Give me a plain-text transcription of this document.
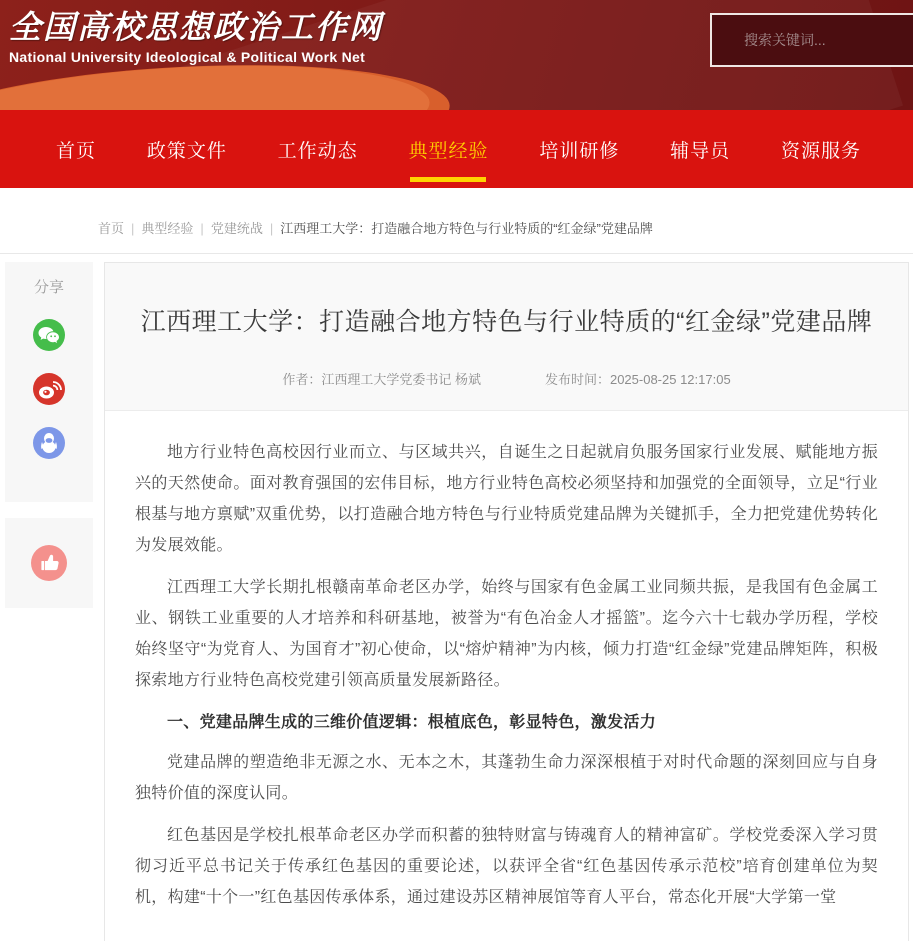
全国高校思想政治工作网
National University Ideological & Political Work Net
搜索关键词...
首页	政策文件	工作动态	典型经验	培训研修	辅导员	资源服务
首页 | 典型经验 | 党建统战 | 江西理工大学：打造融合地方特色与行业特质的“红金绿”党建品牌
分享
江西理工大学：打造融合地方特色与行业特质的“红金绿”党建品牌
作者：江西理工大学党委书记 杨斌	发布时间：2025-08-25 12:17:05

地方行业特色高校因行业而立、与区域共兴，自诞生之日起就肩负服务国家行业发展、赋能地方振兴的天然使命。面对教育强国的宏伟目标，地方行业特色高校必须坚持和加强党的全面领导，立足“行业根基与地方禀赋”双重优势，以打造融合地方特色与行业特质党建品牌为关键抓手，全力把党建优势转化为发展效能。

江西理工大学长期扎根赣南革命老区办学，始终与国家有色金属工业同频共振，是我国有色金属工业、钢铁工业重要的人才培养和科研基地，被誉为“有色冶金人才摇篮”。迄今六十七载办学历程，学校始终坚守“为党育人、为国育才”初心使命，以“熔炉精神”为内核，倾力打造“红金绿”党建品牌矩阵，积极探索地方行业特色高校党建引领高质量发展新路径。

一、党建品牌生成的三维价值逻辑：根植底色，彰显特色，激发活力

党建品牌的塑造绝非无源之水、无本之木，其蓬勃生命力深深根植于对时代命题的深刻回应与自身独特价值的深度认同。

红色基因是学校扎根革命老区办学而积蓄的独特财富与铸魂育人的精神富矿。学校党委深入学习贯彻习近平总书记关于传承红色基因的重要论述，以获评全省“红色基因传承示范校”培育创建单位为契机，构建“十个一”红色基因传承体系，通过建设苏区精神展馆等育人平台，常态化开展“大学第一堂
